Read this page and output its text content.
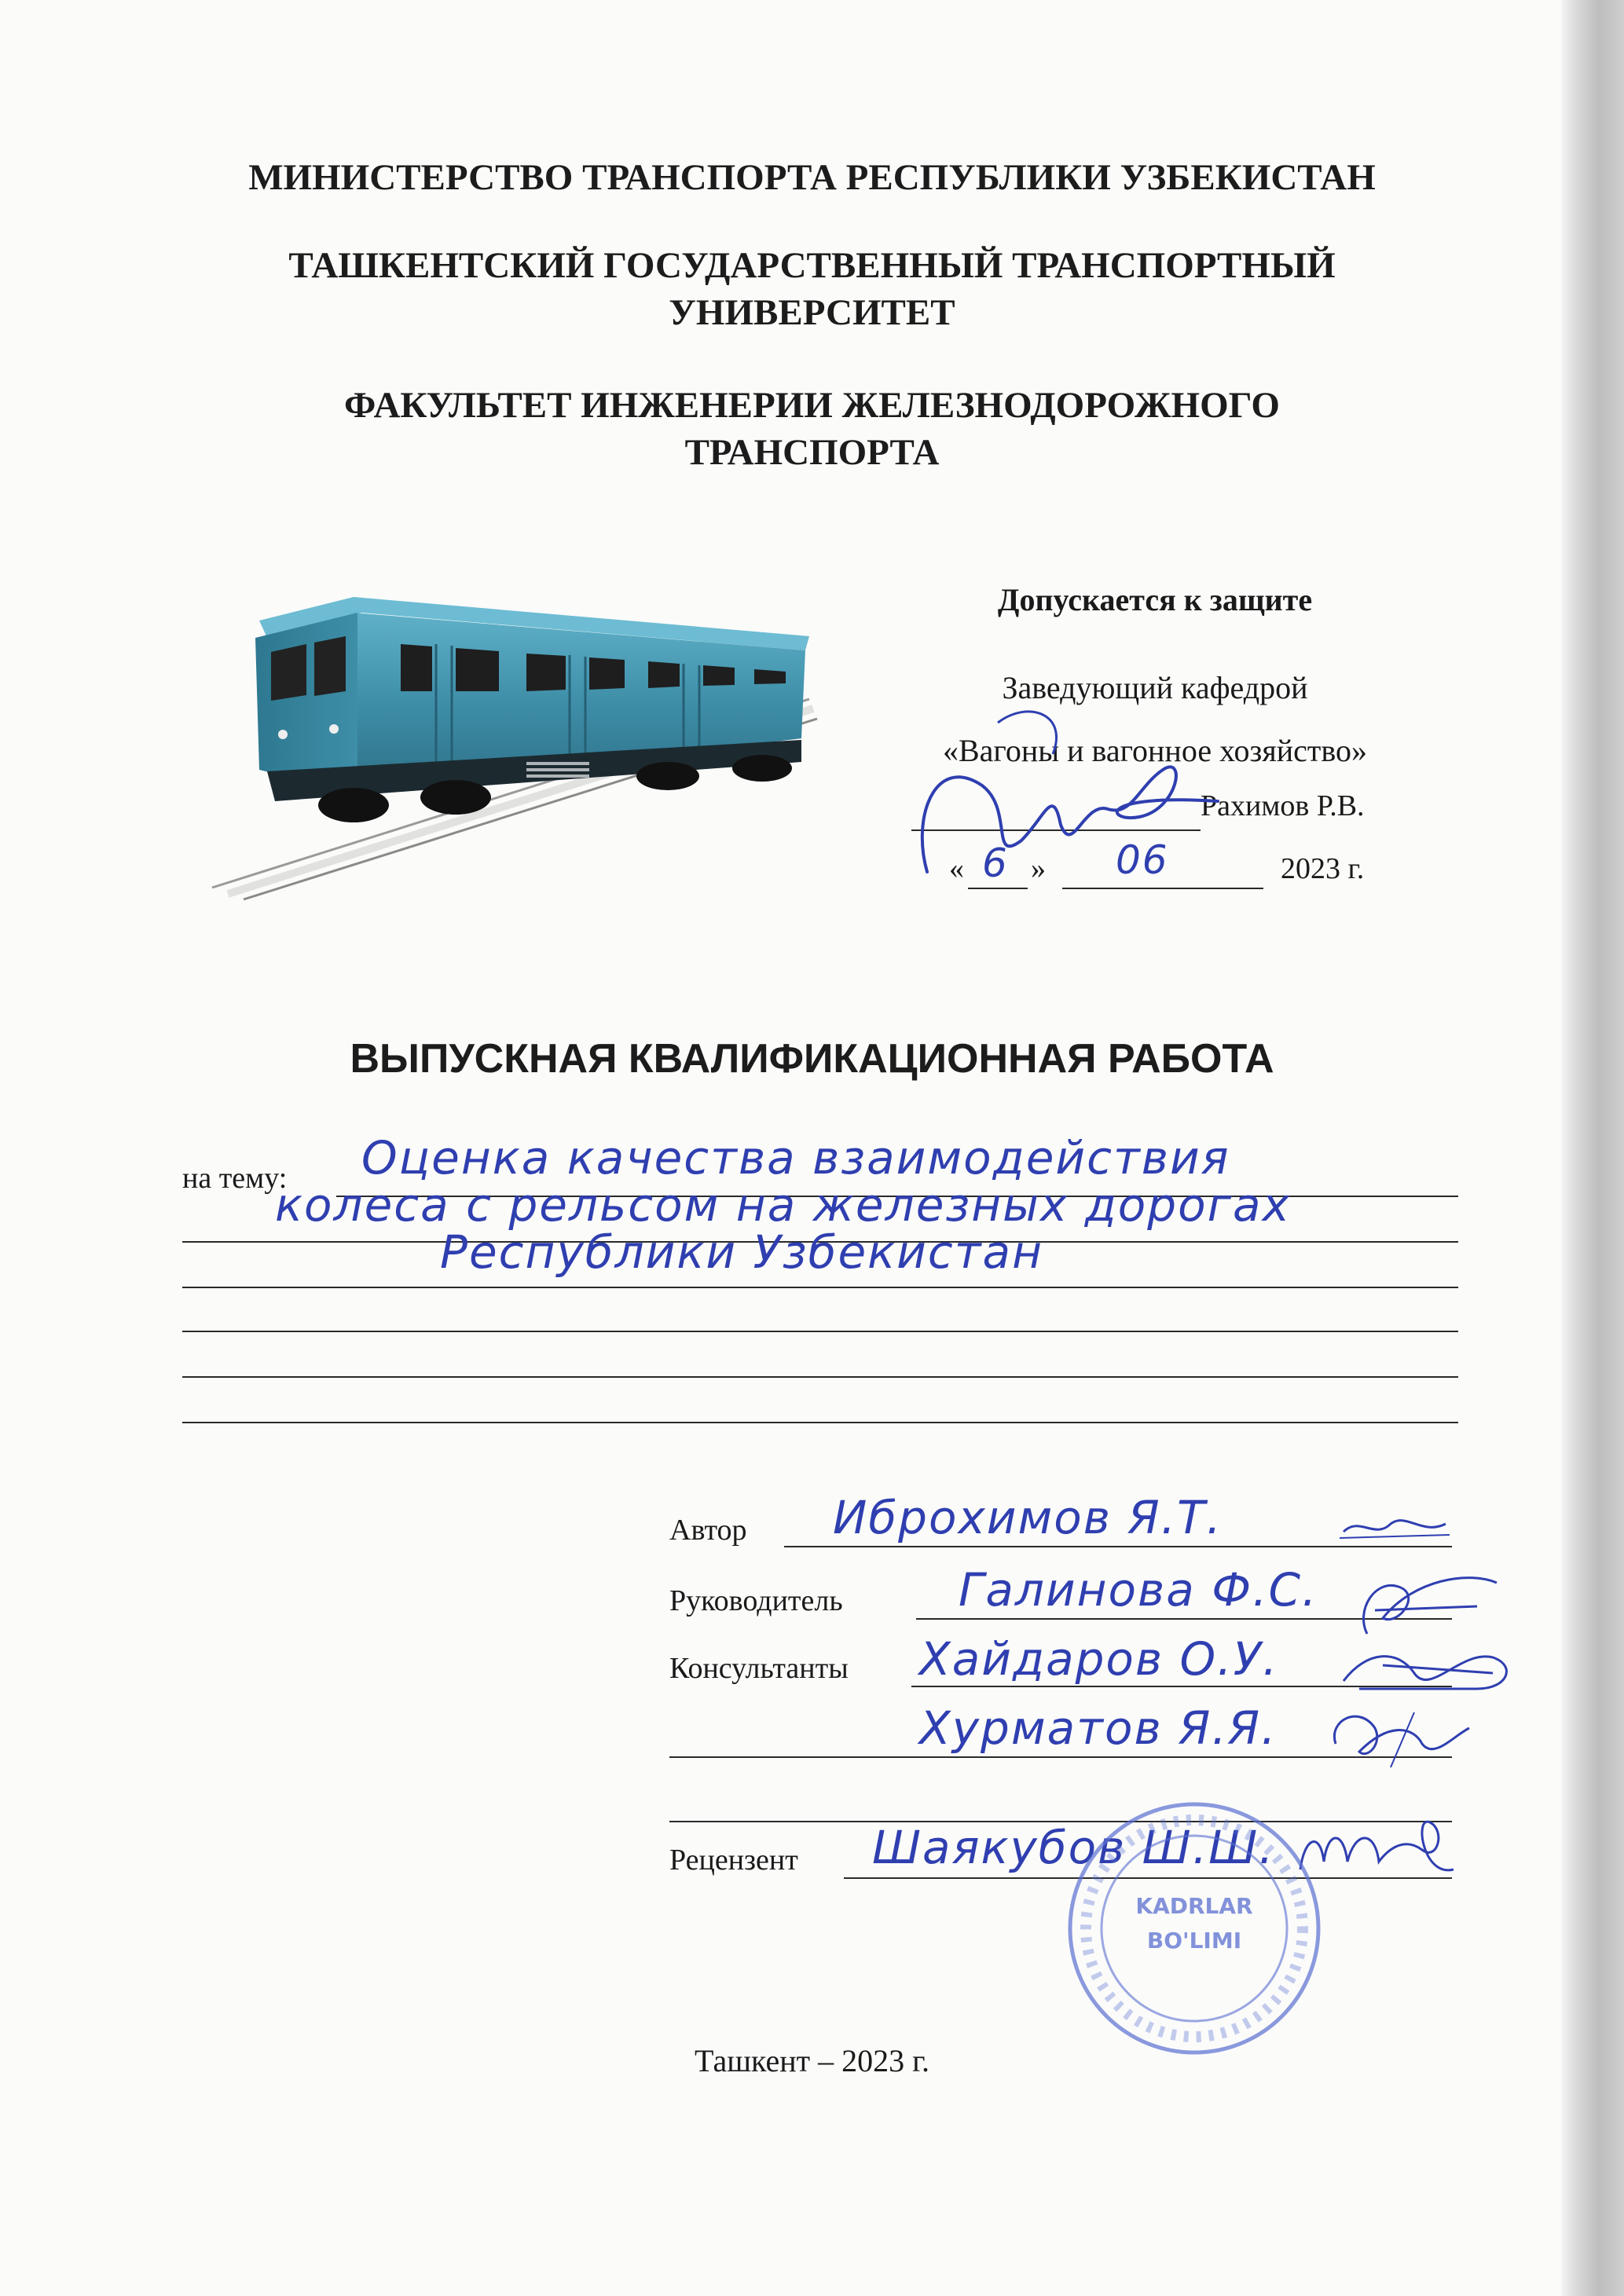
МИНИСТЕРСТВО ТРАНСПОРТА РЕСПУБЛИКИ УЗБЕКИСТАН
ТАШКЕНТСКИЙ ГОСУДАРСТВЕННЫЙ ТРАНСПОРТНЫЙ
УНИВЕРСИТЕТ
ФАКУЛЬТЕТ ИНЖЕНЕРИИ ЖЕЛЕЗНОДОРОЖНОГО
ТРАНСПОРТА
Допускается к защите
Заведующий кафедрой
«Вагоны и вагонное хозяйство»
Рахимов Р.В.
« 6 » 06	2023 г.
ВЫПУСКНАЯ КВАЛИФИКАЦИОННАЯ РАБОТА
на тему: Оценка качества взаимодействия
колеса с рельсом на железных дорогах
Республики Узбекистан
Автор Иброхимов Я.Т.
Руководитель	Галинова Ф.С.
Консультанты Хайдаров О.У.
Хурматов Я.Я.
Рецензент Шаякубов Ш.Ш.
KADRLAR
BO'LIMI
Ташкент – 2023 г.
